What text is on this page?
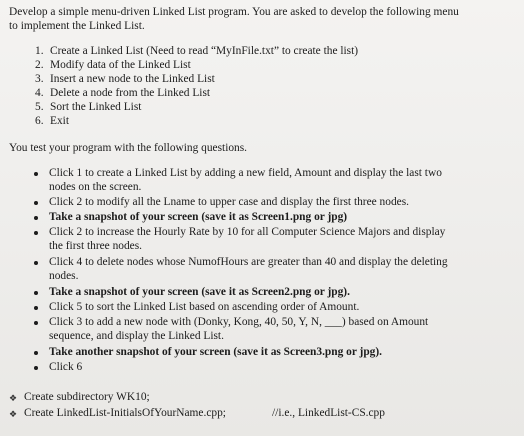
Develop a simple menu-driven Linked List program. You are asked to develop the following menu
to implement the Linked List.
1. Create a Linked List (Need to read “MyInFile.txt” to create the list)
2. Modify data of the Linked List
3. Insert a new node to the Linked List
4. Delete a node from the Linked List
5. Sort the Linked List
6. Exit
You test your program with the following questions.
Click 1 to create a Linked List by adding a new field, Amount and display the last two
nodes on the screen.
Click 2 to modify all the Lname to upper case and display the first three nodes.
Take a snapshot of your screen (save it as Screen1.png or jpg)
Click 2 to increase the Hourly Rate by 10 for all Computer Science Majors and display
the first three nodes.
Click 4 to delete nodes whose NumofHours are greater than 40 and display the deleting
nodes.
Take a snapshot of your screen (save it as Screen2.png or jpg).
Click 5 to sort the Linked List based on ascending order of Amount.
Click 3 to add a new node with (Donky, Kong, 40, 50, Y, N, ___) based on Amount
sequence, and display the Linked List.
Take another snapshot of your screen (save it as Screen3.png or jpg).
Click 6
❖ Create subdirectory WK10;
❖ Create LinkedList-InitialsOfYourName.cpp;	//i.e., LinkedList-CS.cpp
